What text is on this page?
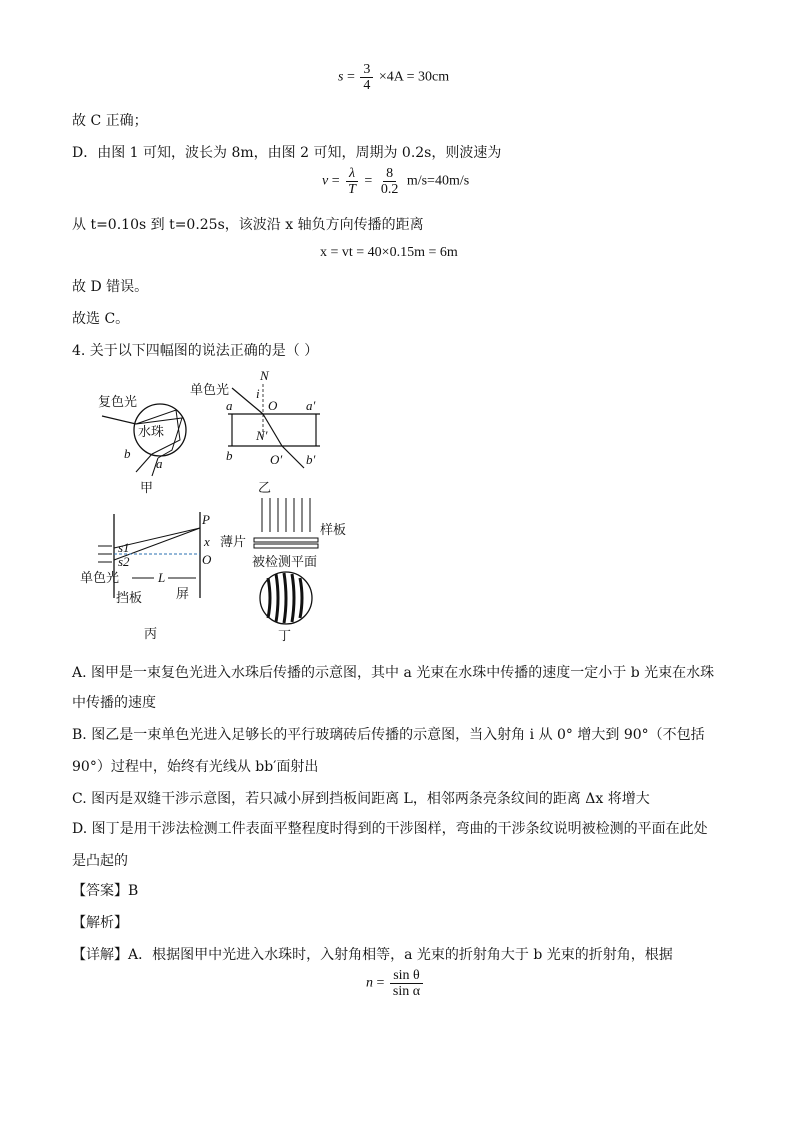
$s = \frac{3}{4} \times 4A = 30cm$
故 C 正确；
D．由图 1 可知，波长为 8m，由图 2 可知，周期为 0.2s，则波速为
$v = \frac{\lambda}{T} = \frac{8}{0.2} m/s=40m/s$
从 t=0.10s 到 t=0.25s，该波沿 x 轴负方向传播的距离
x = vt = 40×0.15m = 6m
故 D 错误。
故选 C。
4. 关于以下四幅图的说法正确的是（ ）
复色光
水珠
b
a
甲
单色光
N
i
O
a	a′
N′
b	O′ b′
s1
s2
P
x
O
单色光	L
挡板	屏
丙
乙
薄片
样板
被检测平面
丁
A. 图甲是一束复色光进入水珠后传播的示意图，其中 a 光束在水珠中传播的速度一定小于 b 光束在水珠
中传播的速度
B. 图乙是一束单色光进入足够长的平行玻璃砖后传播的示意图，当入射角 i 从 0° 增大到 90°（不包括
90°）过程中，始终有光线从 bb′面射出
C. 图丙是双缝干涉示意图，若只减小屏到挡板间距离 L，相邻两条亮条纹间的距离 Δx 将增大
D. 图丁是用干涉法检测工件表面平整程度时得到的干涉图样，弯曲的干涉条纹说明被检测的平面在此处
是凸起的
【答案】B
【解析】
【详解】A．根据图甲中光进入水珠时，入射角相等，a 光束的折射角大于 b 光束的折射角，根据
$n = \frac{\text{sin θ}}{\text{sin α}}$
